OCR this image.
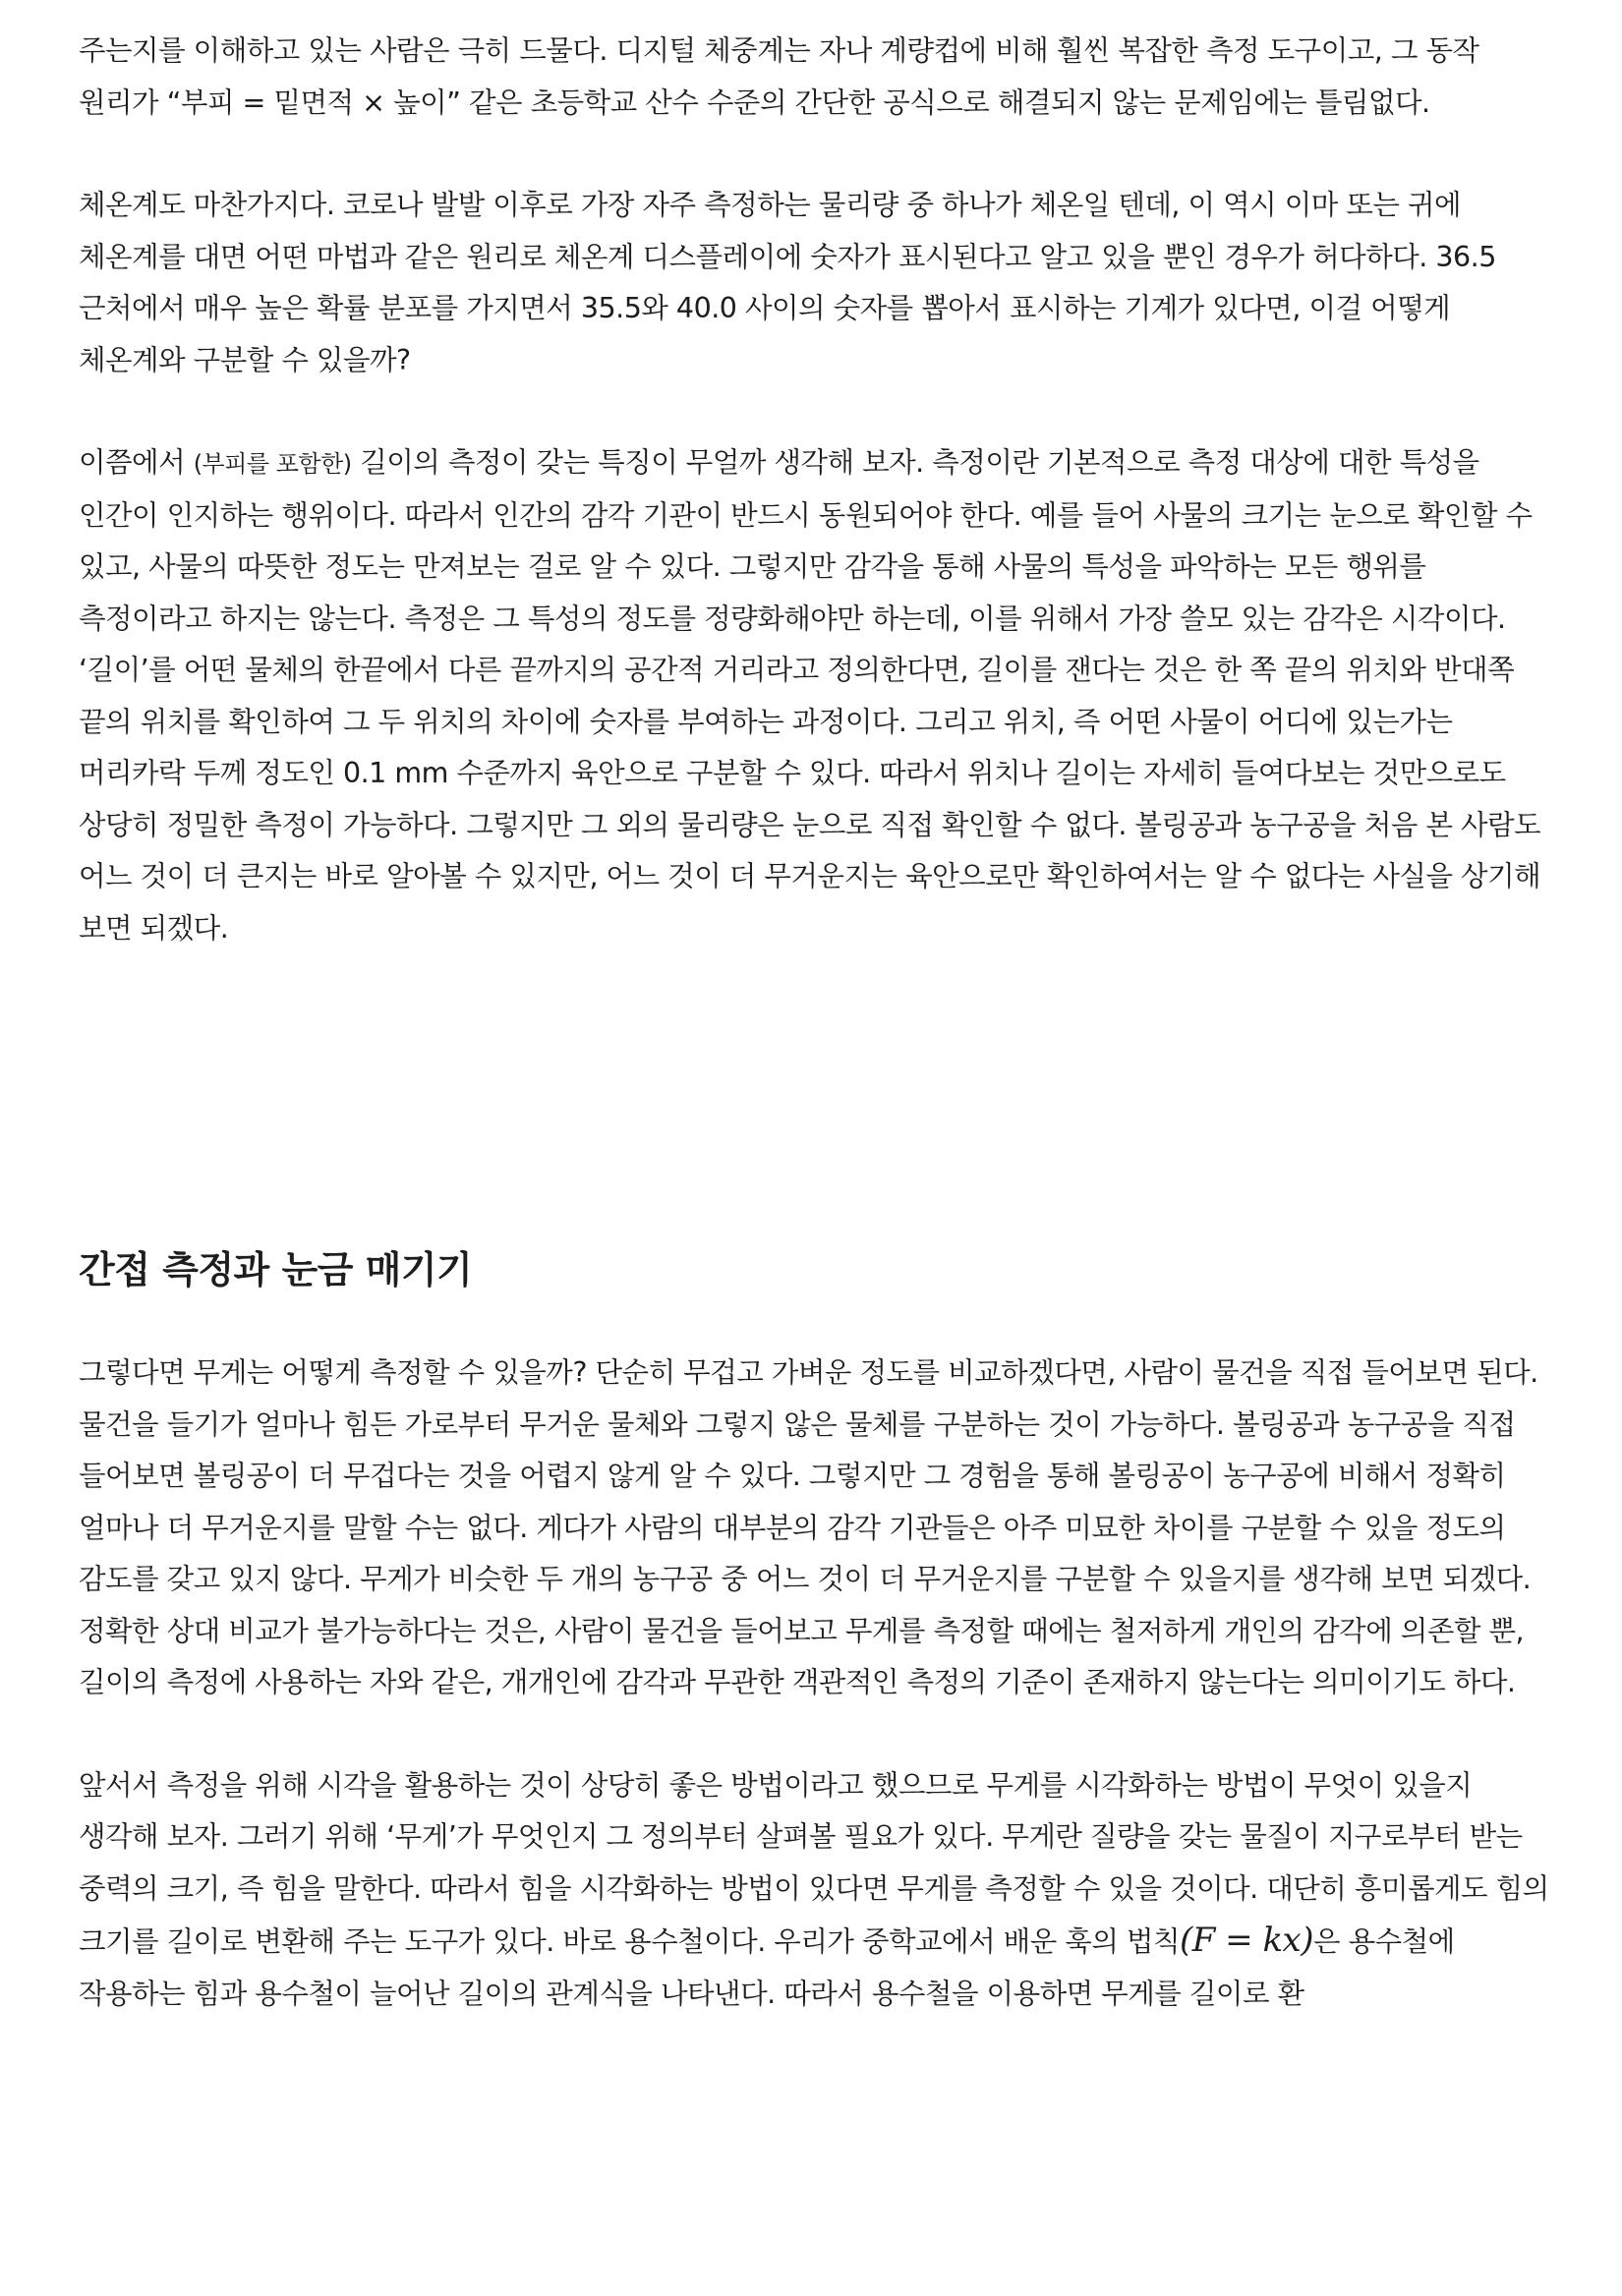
주는지를 이해하고 있는 사람은 극히 드물다. 디지털 체중계는 자나 계량컵에 비해 훨씬 복잡한 측정 도구이고, 그 동작 원리가 “부피 = 밑면적 × 높이” 같은 초등학교 산수 수준의 간단한 공식으로 해결되지 않는 문제임에는 틀림없다.

체온계도 마찬가지다. 코로나 발발 이후로 가장 자주 측정하는 물리량 중 하나가 체온일 텐데, 이 역시 이마 또는 귀에 체온계를 대면 어떤 마법과 같은 원리로 체온계 디스플레이에 숫자가 표시된다고 알고 있을 뿐인 경우가 허다하다. 36.5 근처에서 매우 높은 확률 분포를 가지면서 35.5와 40.0 사이의 숫자를 뽑아서 표시하는 기계가 있다면, 이걸 어떻게 체온계와 구분할 수 있을까?

이쯤에서 (부피를 포함한) 길이의 측정이 갖는 특징이 무얼까 생각해 보자. 측정이란 기본적으로 측정 대상에 대한 특성을 인간이 인지하는 행위이다. 따라서 인간의 감각 기관이 반드시 동원되어야 한다. 예를 들어 사물의 크기는 눈으로 확인할 수 있고, 사물의 따뜻한 정도는 만져보는 걸로 알 수 있다. 그렇지만 감각을 통해 사물의 특성을 파악하는 모든 행위를 측정이라고 하지는 않는다. 측정은 그 특성의 정도를 정량화해야만 하는데, 이를 위해서 가장 쓸모 있는 감각은 시각이다. ‘길이’를 어떤 물체의 한끝에서 다른 끝까지의 공간적 거리라고 정의한다면, 길이를 잰다는 것은 한 쪽 끝의 위치와 반대쪽 끝의 위치를 확인하여 그 두 위치의 차이에 숫자를 부여하는 과정이다. 그리고 위치, 즉 어떤 사물이 어디에 있는가는 머리카락 두께 정도인 0.1 mm 수준까지 육안으로 구분할 수 있다. 따라서 위치나 길이는 자세히 들여다보는 것만으로도 상당히 정밀한 측정이 가능하다. 그렇지만 그 외의 물리량은 눈으로 직접 확인할 수 없다. 볼링공과 농구공을 처음 본 사람도 어느 것이 더 큰지는 바로 알아볼 수 있지만, 어느 것이 더 무거운지는 육안으로만 확인하여서는 알 수 없다는 사실을 상기해 보면 되겠다.

간접 측정과 눈금 매기기

그렇다면 무게는 어떻게 측정할 수 있을까? 단순히 무겁고 가벼운 정도를 비교하겠다면, 사람이 물건을 직접 들어보면 된다. 물건을 들기가 얼마나 힘든 가로부터 무거운 물체와 그렇지 않은 물체를 구분하는 것이 가능하다. 볼링공과 농구공을 직접 들어보면 볼링공이 더 무겁다는 것을 어렵지 않게 알 수 있다. 그렇지만 그 경험을 통해 볼링공이 농구공에 비해서 정확히 얼마나 더 무거운지를 말할 수는 없다. 게다가 사람의 대부분의 감각 기관들은 아주 미묘한 차이를 구분할 수 있을 정도의 감도를 갖고 있지 않다. 무게가 비슷한 두 개의 농구공 중 어느 것이 더 무거운지를 구분할 수 있을지를 생각해 보면 되겠다. 정확한 상대 비교가 불가능하다는 것은, 사람이 물건을 들어보고 무게를 측정할 때에는 철저하게 개인의 감각에 의존할 뿐, 길이의 측정에 사용하는 자와 같은, 개개인에 감각과 무관한 객관적인 측정의 기준이 존재하지 않는다는 의미이기도 하다.

앞서서 측정을 위해 시각을 활용하는 것이 상당히 좋은 방법이라고 했으므로 무게를 시각화하는 방법이 무엇이 있을지 생각해 보자. 그러기 위해 ‘무게’가 무엇인지 그 정의부터 살펴볼 필요가 있다. 무게란 질량을 갖는 물질이 지구로부터 받는 중력의 크기, 즉 힘을 말한다. 따라서 힘을 시각화하는 방법이 있다면 무게를 측정할 수 있을 것이다. 대단히 흥미롭게도 힘의 크기를 길이로 변환해 주는 도구가 있다. 바로 용수철이다. 우리가 중학교에서 배운 훅의 법칙(F = kx)은 용수철에 작용하는 힘과 용수철이 늘어난 길이의 관계식을 나타낸다. 따라서 용수철을 이용하면 무게를 길이로 환
